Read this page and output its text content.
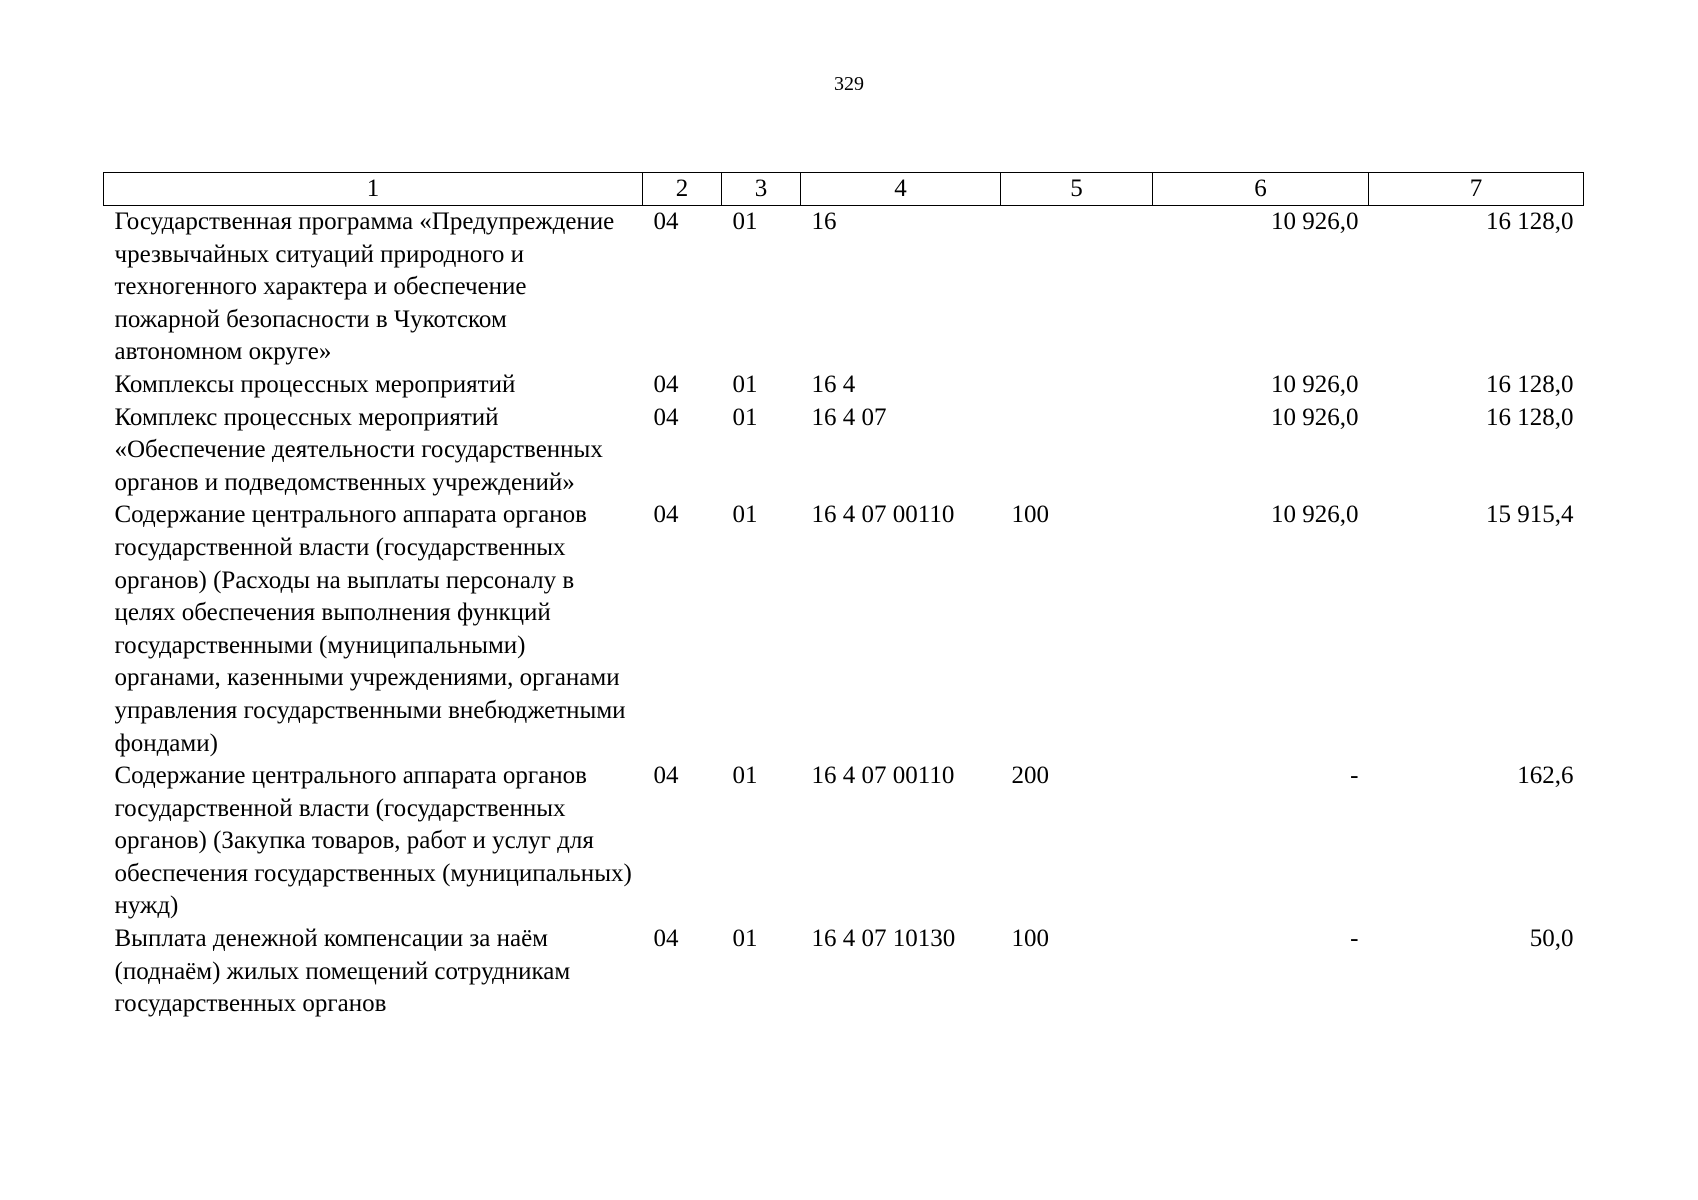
329
1	2	3	4	5	6	7
Государственная программа «Предупреждение чрезвычайных ситуаций природного и техногенного характера и обеспечение пожарной безопасности в Чукотском автономном округе»	04	01	16		10 926,0	16 128,0
Комплексы процессных мероприятий	04	01	16 4		10 926,0	16 128,0
Комплекс процессных мероприятий «Обеспечение деятельности государственных органов и подведомственных учреждений»	04	01	16 4 07		10 926,0	16 128,0
Содержание центрального аппарата органов государственной власти (государственных органов) (Расходы на выплаты персоналу в целях обеспечения выполнения функций государственными (муниципальными) органами, казенными учреждениями, органами управления государственными внебюджетными фондами)	04	01	16 4 07 00110	100	10 926,0	15 915,4
Содержание центрального аппарата органов государственной власти (государственных органов) (Закупка товаров, работ и услуг для обеспечения государственных (муниципальных) нужд)	04	01	16 4 07 00110	200	-	162,6
Выплата денежной компенсации за наём (поднаём) жилых помещений сотрудникам государственных органов	04	01	16 4 07 10130	100	-	50,0
